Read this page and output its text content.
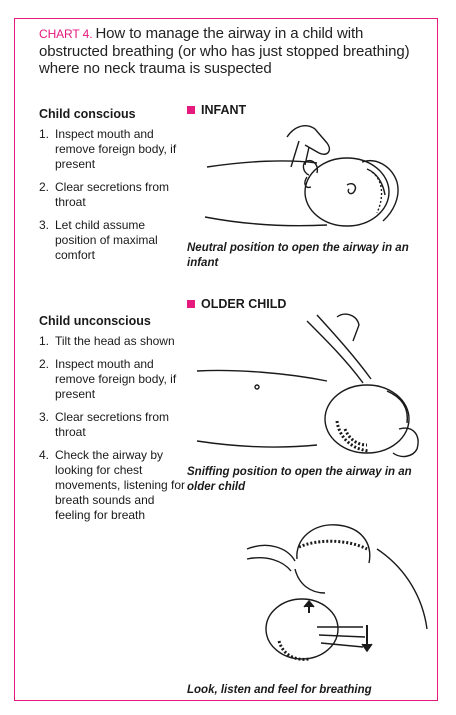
CHART 4. How to manage the airway in a child with obstructed breathing (or who has just stopped breathing) where no neck trauma is suspected
Child conscious
1. Inspect mouth and remove foreign body, if present
2. Clear secretions from throat
3. Let child assume position of maximal comfort
Child unconscious
1. Tilt the head as shown
2. Inspect mouth and remove foreign body, if present
3. Clear secretions from throat
4. Check the airway by looking for chest movements, listening for breath sounds and feeling for breath
INFANT
Neutral position to open the airway in an infant
OLDER CHILD
Sniffing position to open the airway in an older child
Look, listen and feel for breathing
